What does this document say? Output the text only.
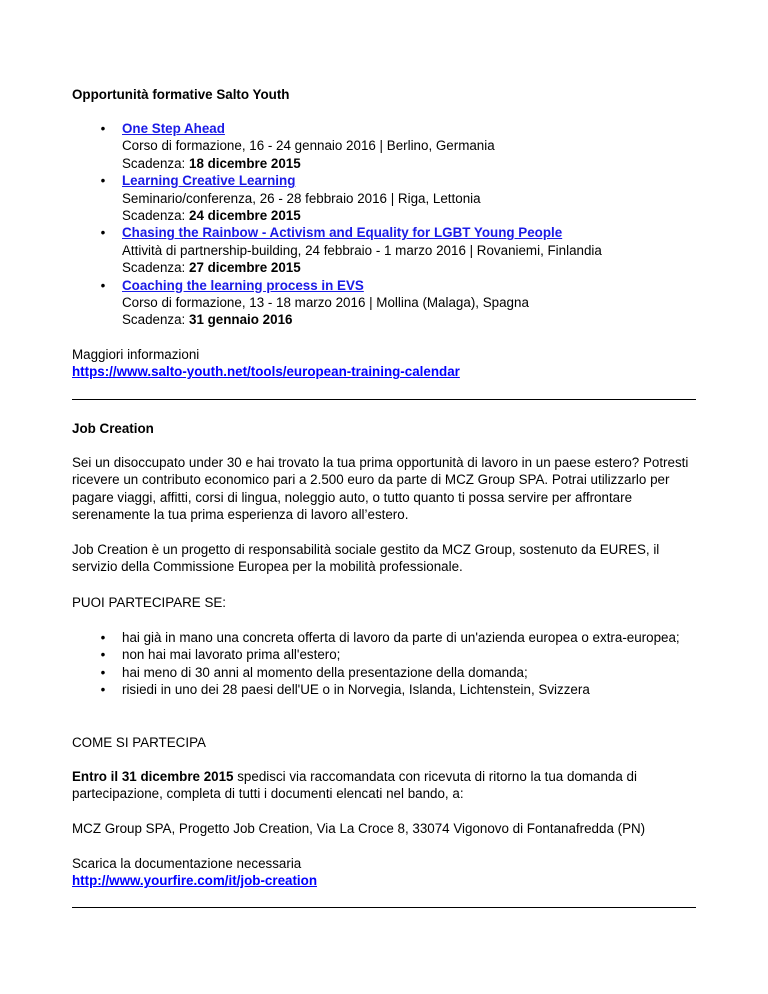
Opportunità formative Salto Youth
• One Step Ahead
Corso di formazione, 16 - 24 gennaio 2016 | Berlino, Germania
Scadenza: 18 dicembre 2015
• Learning Creative Learning
Seminario/conferenza, 26 - 28 febbraio 2016 | Riga, Lettonia
Scadenza: 24 dicembre 2015
• Chasing the Rainbow - Activism and Equality for LGBT Young People
Attività di partnership-building, 24 febbraio - 1 marzo 2016 | Rovaniemi, Finlandia
Scadenza: 27 dicembre 2015
• Coaching the learning process in EVS
Corso di formazione, 13 - 18 marzo 2016 | Mollina (Malaga), Spagna
Scadenza: 31 gennaio 2016

Maggiori informazioni

https://www.salto-youth.net/tools/european-training-calendar
Job Creation

Sei un disoccupato under 30 e hai trovato la tua prima opportunità di lavoro in un paese estero? Potresti ricevere un contributo economico pari a 2.500 euro da parte di MCZ Group SPA. Potrai utilizzarlo per pagare viaggi, affitti, corsi di lingua, noleggio auto, o tutto quanto ti possa servire per affrontare serenamente la tua prima esperienza di lavoro all’estero.

Job Creation è un progetto di responsabilità sociale gestito da MCZ Group, sostenuto da EURES, il servizio della Commissione Europea per la mobilità professionale.

PUOI PARTECIPARE SE:

• hai già in mano una concreta offerta di lavoro da parte di un'azienda europea o extra-europea;
• non hai mai lavorato prima all'estero;
• hai meno di 30 anni al momento della presentazione della domanda;
• risiedi in uno dei 28 paesi dell'UE o in Norvegia, Islanda, Lichtenstein, Svizzera

COME SI PARTECIPA

Entro il 31 dicembre 2015 spedisci via raccomandata con ricevuta di ritorno la tua domanda di partecipazione, completa di tutti i documenti elencati nel bando, a:

MCZ Group SPA, Progetto Job Creation, Via La Croce 8, 33074 Vigonovo di Fontanafredda (PN)

Scarica la documentazione necessaria

http://www.yourfire.com/it/job-creation
